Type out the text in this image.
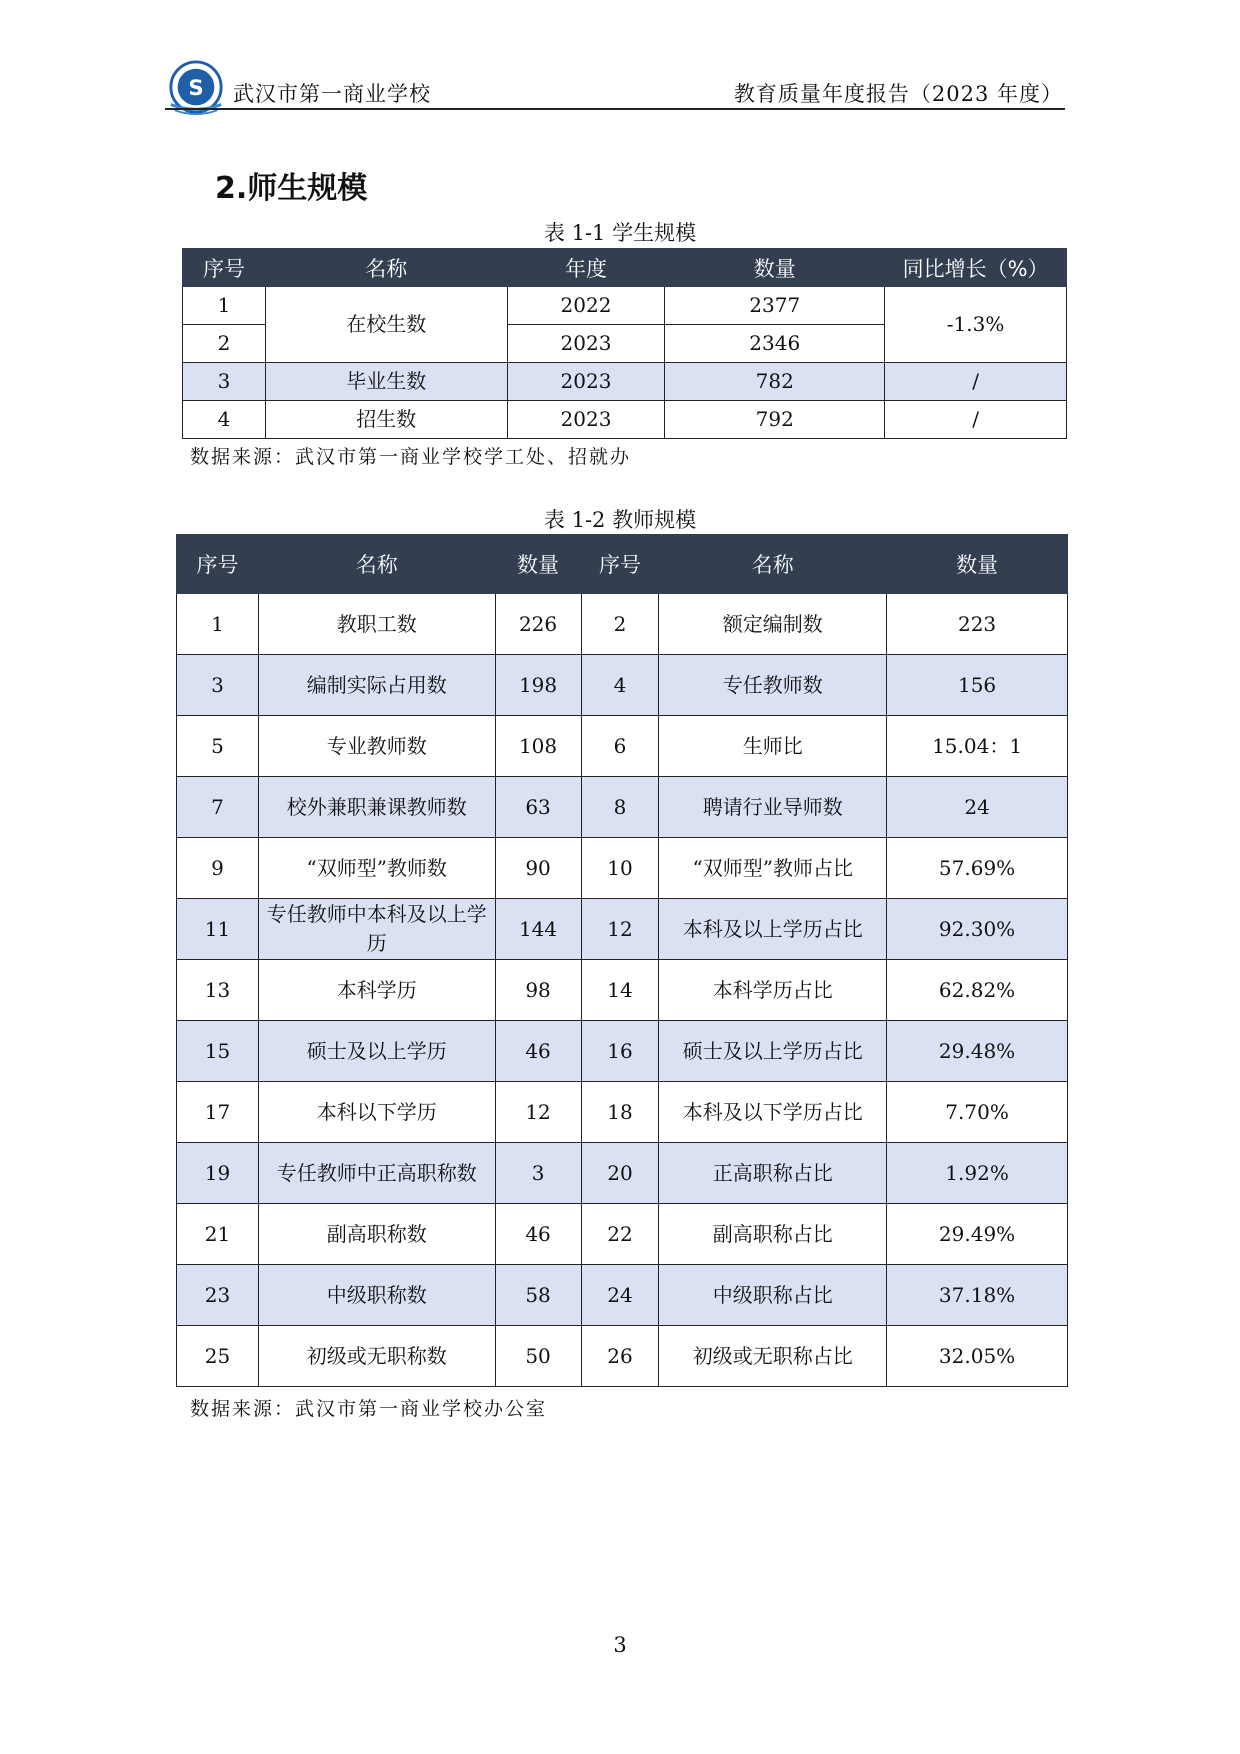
S 武汉市第一商业学校	教育质量年度报告（2023 年度）
2.师生规模
表 1-1 学生规模
序号	名称	年度	数量	同比增长（%）
1	在校生数	2022	2377	-1.3%
2		2023	2346	
3	毕业生数	2023	782	/
4	招生数	2023	792	/
数据来源：武汉市第一商业学校学工处、招就办
表 1-2 教师规模
序号	名称	数量	序号	名称	数量
1	教职工数	226	2	额定编制数	223
3	编制实际占用数	198	4	专任教师数	156
5	专业教师数	108	6	生师比	15.04：1
7	校外兼职兼课教师数	63	8	聘请行业导师数	24
9	“双师型”教师数	90	10	“双师型”教师占比	57.69%
11	专任教师中本科及以上学历	144	12	本科及以上学历占比	92.30%
13	本科学历	98	14	本科学历占比	62.82%
15	硕士及以上学历	46	16	硕士及以上学历占比	29.48%
17	本科以下学历	12	18	本科及以下学历占比	7.70%
19	专任教师中正高职称数	3	20	正高职称占比	1.92%
21	副高职称数	46	22	副高职称占比	29.49%
23	中级职称数	58	24	中级职称占比	37.18%
25	初级或无职称数	50	26	初级或无职称占比	32.05%
数据来源：武汉市第一商业学校办公室
3
